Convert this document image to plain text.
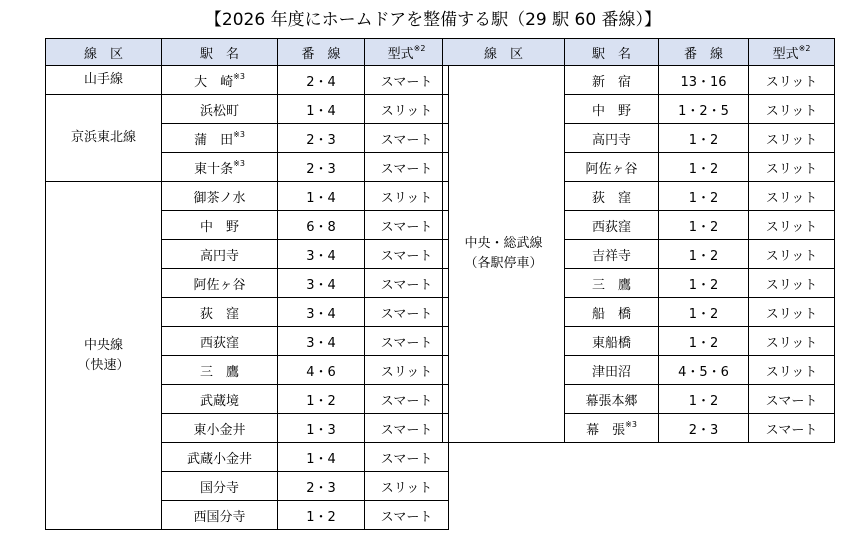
【2026 年度にホームドアを整備する駅（29 駅 60 番線）】
線　区	駅　名	番　線	型式$^{※2}$

山手線	大　崎$^{※3}$	2・4	スマート

京浜東北線	浜松町	1・4	スリット
	蒲　田$^{※3}$	2・3	スマート
	東十条$^{※3}$	2・3	スマート

中央線
（快速）	御茶ノ水	1・4	スリット
	中　野	6・8	スマート
	高円寺	3・4	スマート
	阿佐ヶ谷	3・4	スマート
	荻　窪	3・4	スマート
	西荻窪	3・4	スマート
	三　鷹	4・6	スリット
	武蔵境	1・2	スマート
	東小金井	1・3	スマート
	武蔵小金井	1・4	スマート
	国分寺	2・3	スリット
	西国分寺	1・2	スマート
線　区	駅　名	番　線	型式$^{※2}$

中央・総武線
（各駅停車）	新　宿	13・16	スリット
	中　野	1・2・5	スリット
	高円寺	1・2	スリット
	阿佐ヶ谷	1・2	スリット
	荻　窪	1・2	スリット
	西荻窪	1・2	スリット
	吉祥寺	1・2	スリット
	三　鷹	1・2	スリット
	船　橋	1・2	スリット
	東船橋	1・2	スリット
	津田沼	4・5・6	スリット
	幕張本郷	1・2	スマート
	幕　張$^{※3}$	2・3	スマート
